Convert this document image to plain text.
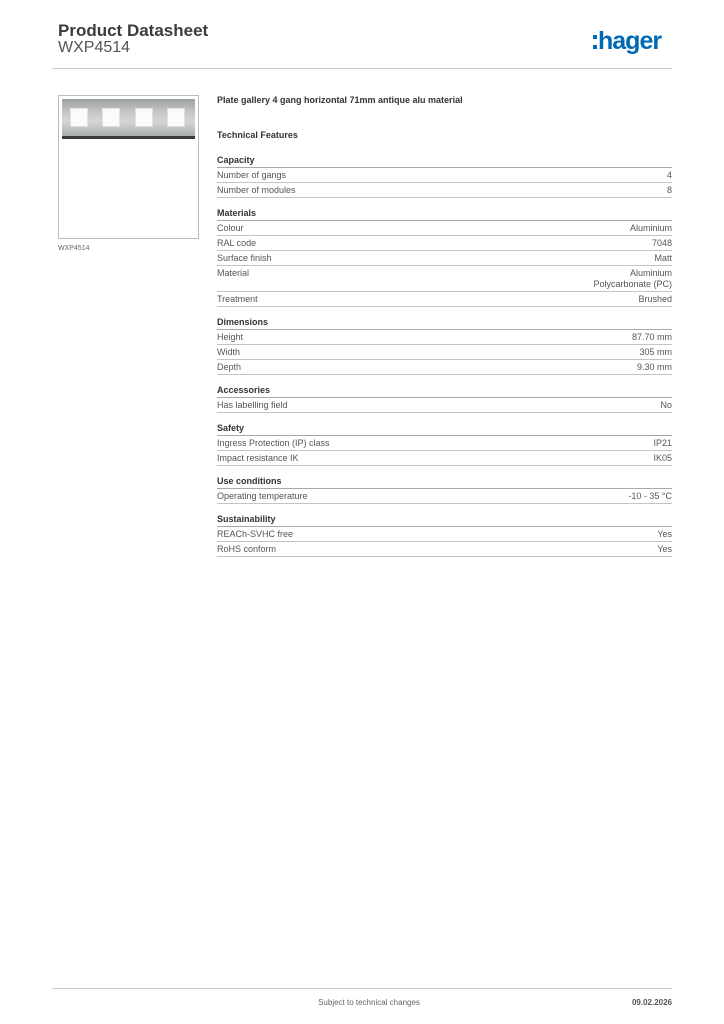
Product Datasheet
WXP4514	hager
WXP4514
Plate gallery 4 gang horizontal 71mm antique alu material
Technical Features
Capacity
Number of gangs	4
Number of modules	8
Materials
Colour	Aluminium
RAL code	7048
Surface finish	Matt
Material	Aluminium
Polycarbonate (PC)
Treatment	Brushed
Dimensions
Height	87.70 mm
Width	305 mm
Depth	9.30 mm
Accessories
Has labelling field	No
Safety
Ingress Protection (IP) class	IP21
Impact resistance IK	IK05
Use conditions
Operating temperature	-10 - 35 °C
Sustainability
REACh-SVHC free	Yes
RoHS conform	Yes
Subject to technical changes	09.02.2026
